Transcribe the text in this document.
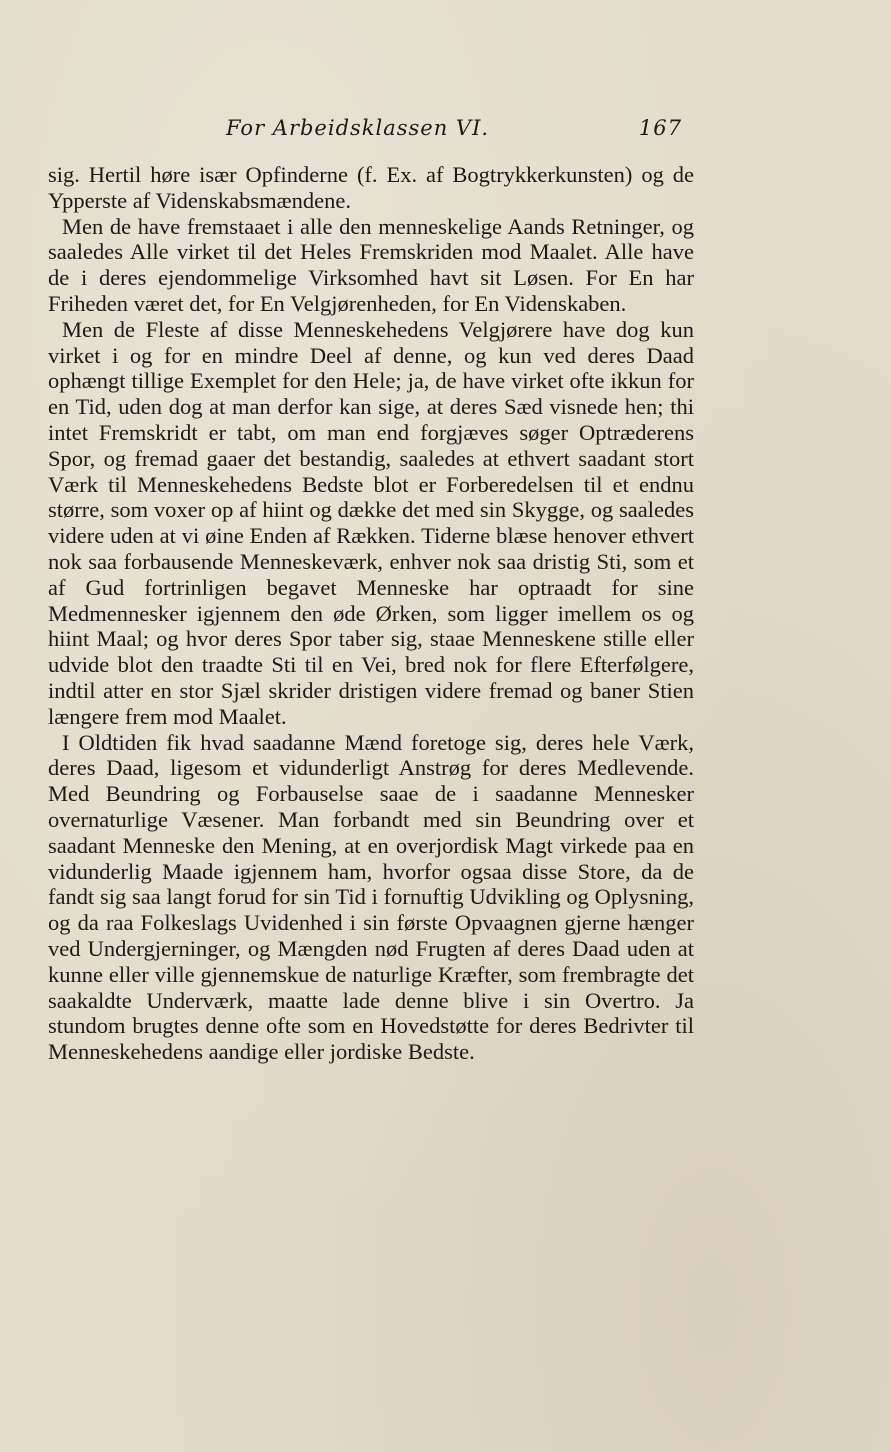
For Arbeidsklassen VI.	167

sig. Hertil høre især Opfinderne (f. Ex. af Bogtrykkerkunsten) og de Ypperste af Videnskabsmændene.

Men de have fremstaaet i alle den menneskelige Aands Retninger, og saaledes Alle virket til det Heles Fremskriden mod Maalet. Alle have de i deres ejendommelige Virksomhed havt sit Løsen. For En har Friheden været det, for En Velgjørenheden, for En Videnskaben.

Men de Fleste af disse Menneskehedens Velgjørere have dog kun virket i og for en mindre Deel af denne, og kun ved deres Daad ophængt tillige Exemplet for den Hele; ja, de have virket ofte ikkun for en Tid, uden dog at man derfor kan sige, at deres Sæd visnede hen; thi intet Fremskridt er tabt, om man end forgjæves søger Optræderens Spor, og fremad gaaer det bestandig, saaledes at ethvert saadant stort Værk til Menneskehedens Bedste blot er Forberedelsen til et endnu større, som voxer op af hiint og dække det med sin Skygge, og saaledes videre uden at vi øine Enden af Rækken. Tiderne blæse henover ethvert nok saa forbausende Menneskeværk, enhver nok saa dristig Sti, som et af Gud fortrinligen begavet Menneske har optraadt for sine Medmennesker igjennem den øde Ørken, som ligger imellem os og hiint Maal; og hvor deres Spor taber sig, staae Menneskene stille eller udvide blot den traadte Sti til en Vei, bred nok for flere Efterfølgere, indtil atter en stor Sjæl skrider dristigen videre fremad og baner Stien længere frem mod Maalet.

I Oldtiden fik hvad saadanne Mænd foretoge sig, deres hele Værk, deres Daad, ligesom et vidunderligt Anstrøg for deres Medlevende. Med Beundring og Forbauselse saae de i saadanne Mennesker overnaturlige Væsener. Man forbandt med sin Beundring over et saadant Menneske den Mening, at en overjordisk Magt virkede paa en vidunderlig Maade igjennem ham, hvorfor ogsaa disse Store, da de fandt sig saa langt forud for sin Tid i fornuftig Udvikling og Oplysning, og da raa Folkeslags Uvidenhed i sin første Opvaagnen gjerne hænger ved Undergjerninger, og Mængden nød Frugten af deres Daad uden at kunne eller ville gjennemskue de naturlige Kræfter, som frembragte det saakaldte Underværk, maatte lade denne blive i sin Overtro. Ja stundom brugtes denne ofte som en Hovedstøtte for deres Bedrivter til Menneskehedens aandige eller jordiske Bedste.
